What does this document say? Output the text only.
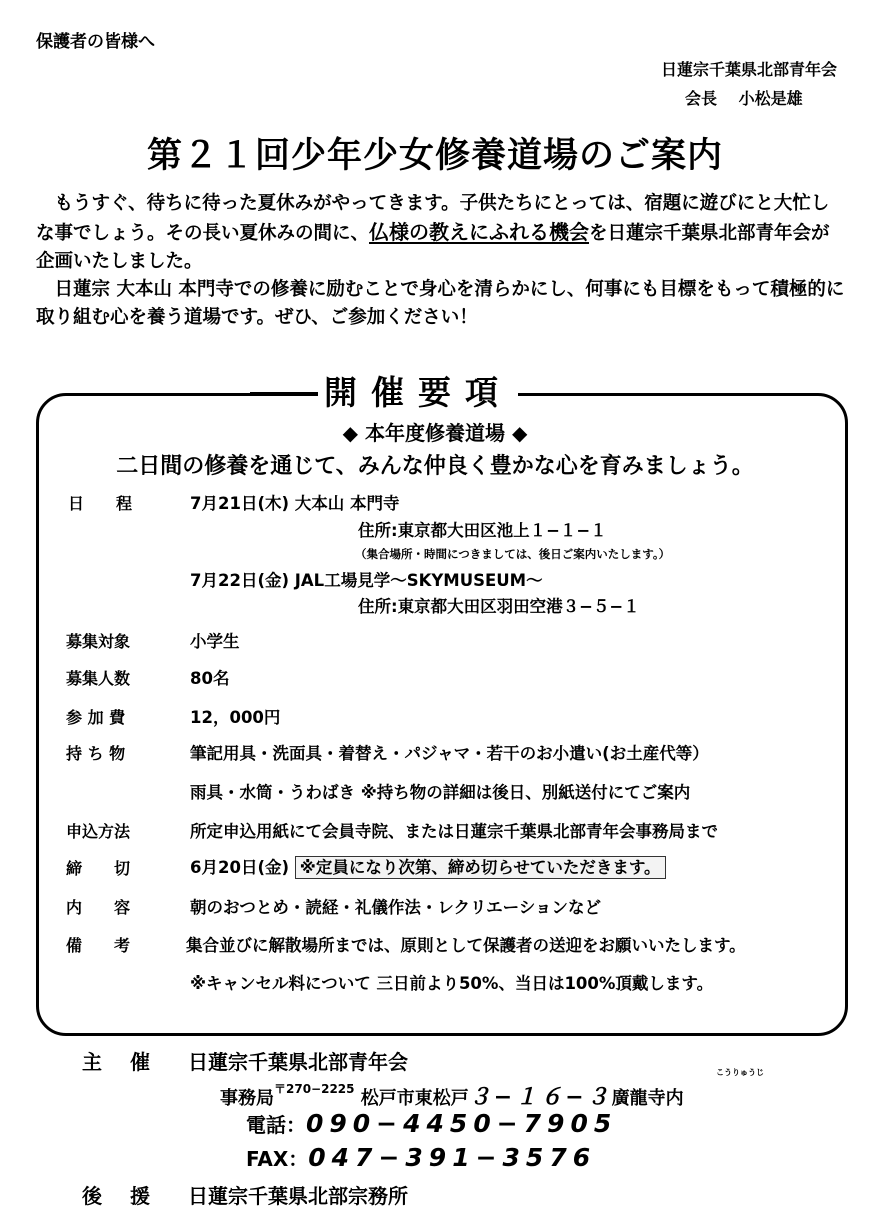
保護者の皆様へ
日蓮宗千葉県北部青年会
会長　 小松是雄
第２１回少年少女修養道場のご案内

 もうすぐ、待ちに待った夏休みがやってきます。子供たちにとっては、宿題に遊びにと大忙しな事でしょう。その長い夏休みの間に、仏様の教えにふれる機会を日蓮宗千葉県北部青年会が企画いたしました。

 日蓮宗 大本山 本門寺での修養に励むことで身心を清らかにし、何事にも目標をもって積極的に取り組む心を養う道場です。ぜひ、ご参加ください！

開催要項
◆ 本年度修養道場 ◆
二日間の修養を通じて、みんな仲良く豊かな心を育みましょう。
日　　程	7月21日(木) 大本山 本門寺
住所:東京都大田区池上１−１−１
（集合場所・時間につきましては、後日ご案内いたします。）
7月22日(金) JAL工場見学〜SKYMUSEUM〜
住所:東京都大田区羽田空港３−５−１
募集対象	小学生
募集人数	80名
参 加 費	12，000円
持 ち 物	筆記用具・洗面具・着替え・パジャマ・若干のお小遣い(お土産代等）
雨具・水筒・うわばき ※持ち物の詳細は後日、別紙送付にてご案内
申込方法	所定申込用紙にて会員寺院、または日蓮宗千葉県北部青年会事務局まで
締　　切	6月20日(金) ※定員になり次第、締め切らせていただきます。
内　　容	朝のおつとめ・読経・礼儀作法・レクリエーションなど
備　　考	集合並びに解散場所までは、原則として保護者の送迎をお願いいたします。
※キャンセル料について 三日前より50%、当日は100%頂戴します。
主　催 日蓮宗千葉県北部青年会
事務局$^{〒270-2225}$ 松戸市東松戸３−１６−３廣龍寺内
こうりゅうじ
電話：090−4450−7905
FAX：047−391−3576
後　援 日蓮宗千葉県北部宗務所
